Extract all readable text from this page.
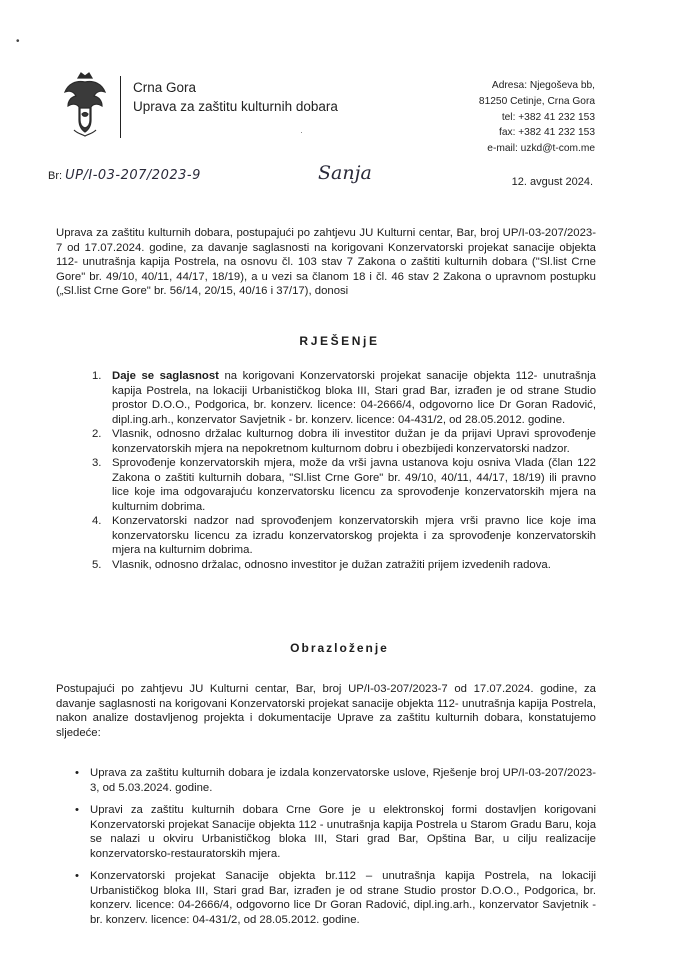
•
Crna Gora
Uprava za zaštitu kulturnih dobara
·
Adresa: Njegoševa bb,
81250 Cetinje, Crna Gora
tel: +382 41 232 153
fax: +382 41 232 153
e-mail: uzkd@t-com.me
Br: UP/I-03-207/2023-9	Sanja	12. avgust 2024.
Uprava za zaštitu kulturnih dobara, postupajući po zahtjevu JU Kulturni centar, Bar, broj UP/I-03-207/2023-7 od 17.07.2024. godine, za davanje saglasnosti na korigovani Konzervatorski projekat sanacije objekta 112- unutrašnja kapija Postrela, na osnovu čl. 103 stav 7 Zakona o zaštiti kulturnih dobara ("Sl.list Crne Gore" br. 49/10, 40/11, 44/17, 18/19), a u vezi sa članom 18 i čl. 46 stav 2 Zakona o upravnom postupku („Sl.list Crne Gore" br. 56/14, 20/15, 40/16 i 37/17), donosi
RJEŠENjE
1. Daje se saglasnost na korigovani Konzervatorski projekat sanacije objekta 112- unutrašnja kapija Postrela, na lokaciji Urbanističkog bloka III, Stari grad Bar, izrađen je od strane Studio prostor D.O.O., Podgorica, br. konzerv. licence: 04-2666/4, odgovorno lice Dr Goran Radović, dipl.ing.arh., konzervator Savjetnik - br. konzerv. licence: 04-431/2, od 28.05.2012. godine.
2. Vlasnik, odnosno držalac kulturnog dobra ili investitor dužan je da prijavi Upravi sprovođenje konzervatorskih mjera na nepokretnom kulturnom dobru i obezbijedi konzervatorski nadzor.
3. Sprovođenje konzervatorskih mjera, može da vrši javna ustanova koju osniva Vlada (član 122 Zakona o zaštiti kulturnih dobara, "Sl.list Crne Gore" br. 49/10, 40/11, 44/17, 18/19) ili pravno lice koje ima odgovarajuću konzervatorsku licencu za sprovođenje konzervatorskih mjera na kulturnim dobrima.
4. Konzervatorski nadzor nad sprovođenjem konzervatorskih mjera vrši pravno lice koje ima konzervatorsku licencu za izradu konzervatorskog projekta i za sprovođenje konzervatorskih mjera na kulturnim dobrima.
5. Vlasnik, odnosno držalac, odnosno investitor je dužan zatražiti prijem izvedenih radova.
Obrazloženje
Postupajući po zahtjevu JU Kulturni centar, Bar, broj UP/I-03-207/2023-7 od 17.07.2024. godine, za davanje saglasnosti na korigovani Konzervatorski projekat sanacije objekta 112- unutrašnja kapija Postrela, nakon analize dostavljenog projekta i dokumentacije Uprave za zaštitu kulturnih dobara, konstatujemo sljedeće:
• Uprava za zaštitu kulturnih dobara je izdala konzervatorske uslove, Rješenje broj UP/I-03-207/2023-3, od 5.03.2024. godine.
• Upravi za zaštitu kulturnih dobara Crne Gore je u elektronskoj formi dostavljen korigovani Konzervatorski projekat Sanacije objekta 112 - unutrašnja kapija Postrela u Starom Gradu Baru, koja se nalazi u okviru Urbanističkog bloka III, Stari grad Bar, Opština Bar, u cilju realizacije konzervatorsko-restauratorskih mjera.
• Konzervatorski projekat Sanacije objekta br.112 – unutrašnja kapija Postrela, na lokaciji Urbanističkog bloka III, Stari grad Bar, izrađen je od strane Studio prostor D.O.O., Podgorica, br. konzerv. licence: 04-2666/4, odgovorno lice Dr Goran Radović, dipl.ing.arh., konzervator Savjetnik - br. konzerv. licence: 04-431/2, od 28.05.2012. godine.
